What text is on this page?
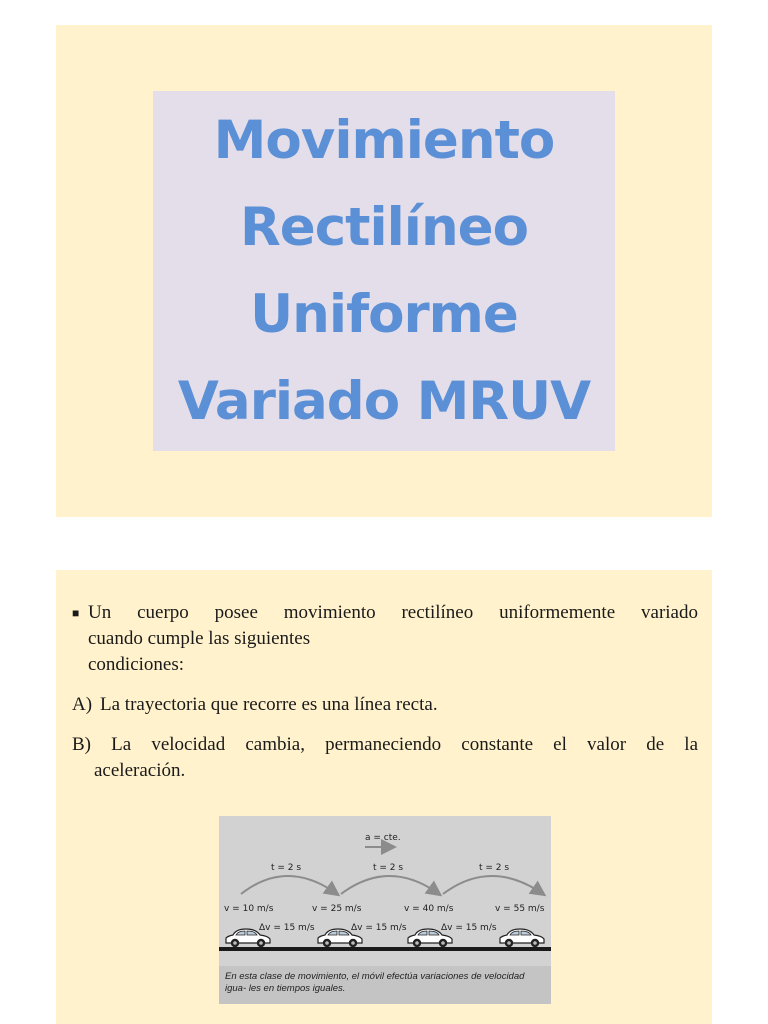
Movimiento
Rectilíneo
Uniforme
Variado MRUV
■ Un cuerpo posee movimiento rectilíneo uniformemente variado
cuando cumple las siguientes
condiciones:
A) La trayectoria que recorre es una línea recta.
B) La velocidad cambia, permaneciendo constante el valor de la
aceleración.
a = cte.
t = 2 s	t = 2 s	t = 2 s
v = 10 m/s	v = 25 m/s	v = 40 m/s	v = 55 m/s
Δv = 15 m/s	Δv = 15 m/s	Δv = 15 m/s
En esta clase de movimiento, el móvil efectúa variaciones de velocidad igua- les en tiempos iguales.
